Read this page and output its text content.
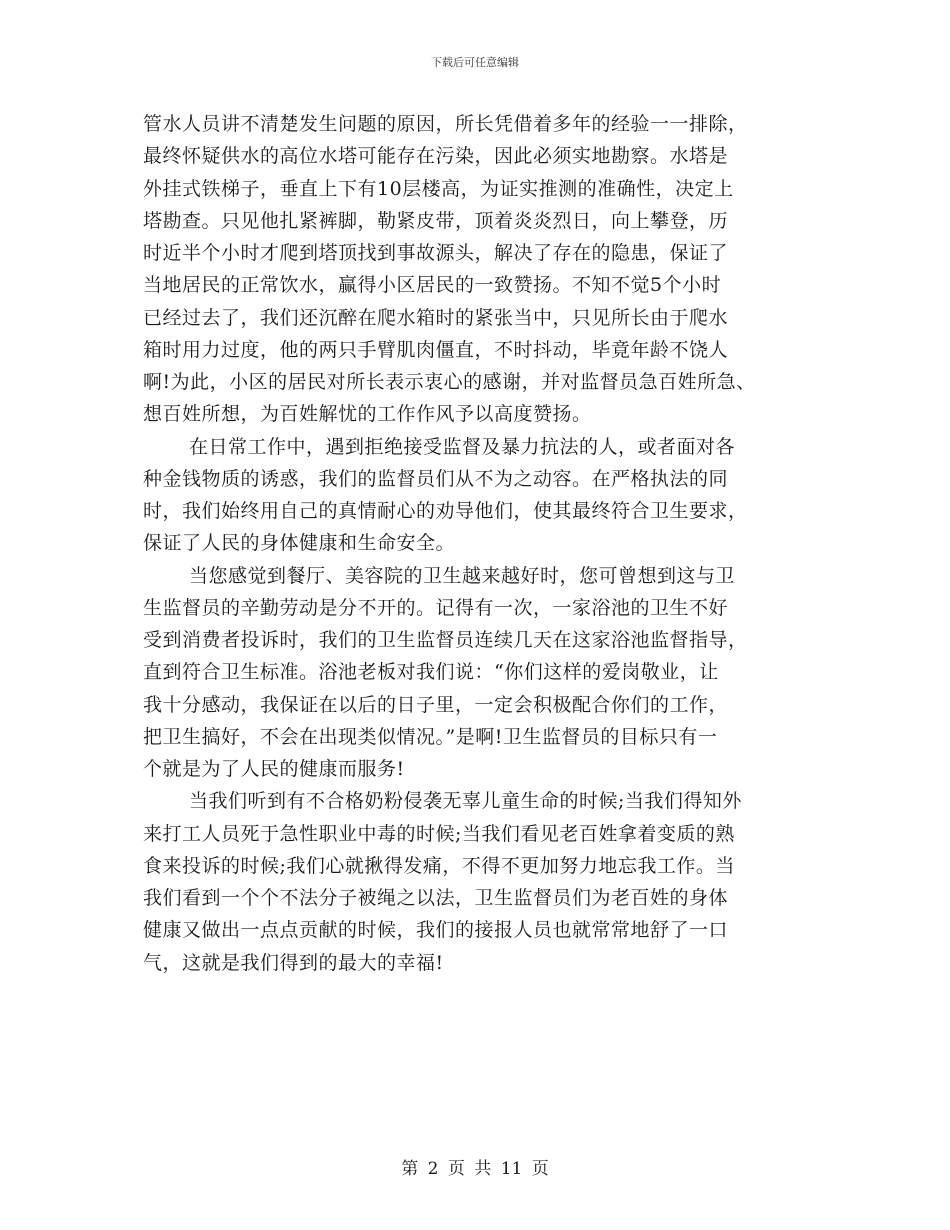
下载后可任意编辑
管水人员讲不清楚发生问题的原因，所长凭借着多年的经验一一排除，
最终怀疑供水的高位水塔可能存在污染，因此必须实地勘察。水塔是
外挂式铁梯子，垂直上下有10层楼高，为证实推测的准确性，决定上
塔勘查。只见他扎紧裤脚，勒紧皮带，顶着炎炎烈日，向上攀登，历
时近半个小时才爬到塔顶找到事故源头，解决了存在的隐患，保证了
当地居民的正常饮水，赢得小区居民的一致赞扬。不知不觉5个小时
已经过去了，我们还沉醉在爬水箱时的紧张当中，只见所长由于爬水
箱时用力过度，他的两只手臂肌肉僵直，不时抖动，毕竟年龄不饶人
啊!为此，小区的居民对所长表示衷心的感谢，并对监督员急百姓所急、
想百姓所想，为百姓解忧的工作作风予以高度赞扬。
在日常工作中，遇到拒绝接受监督及暴力抗法的人，或者面对各
种金钱物质的诱惑，我们的监督员们从不为之动容。在严格执法的同
时，我们始终用自己的真情耐心的劝导他们，使其最终符合卫生要求，
保证了人民的身体健康和生命安全。
当您感觉到餐厅、美容院的卫生越来越好时，您可曾想到这与卫
生监督员的辛勤劳动是分不开的。记得有一次，一家浴池的卫生不好
受到消费者投诉时，我们的卫生监督员连续几天在这家浴池监督指导，
直到符合卫生标准。浴池老板对我们说：“你们这样的爱岗敬业，让
我十分感动，我保证在以后的日子里，一定会积极配合你们的工作，
把卫生搞好，不会在出现类似情况。”是啊!卫生监督员的目标只有一
个就是为了人民的健康而服务!
当我们听到有不合格奶粉侵袭无辜儿童生命的时候;当我们得知外
来打工人员死于急性职业中毒的时候;当我们看见老百姓拿着变质的熟
食来投诉的时候;我们心就揪得发痛，不得不更加努力地忘我工作。当
我们看到一个个不法分子被绳之以法，卫生监督员们为老百姓的身体
健康又做出一点点贡献的时候，我们的接报人员也就常常地舒了一口
气，这就是我们得到的最大的幸福!
第 2 页 共 11 页
